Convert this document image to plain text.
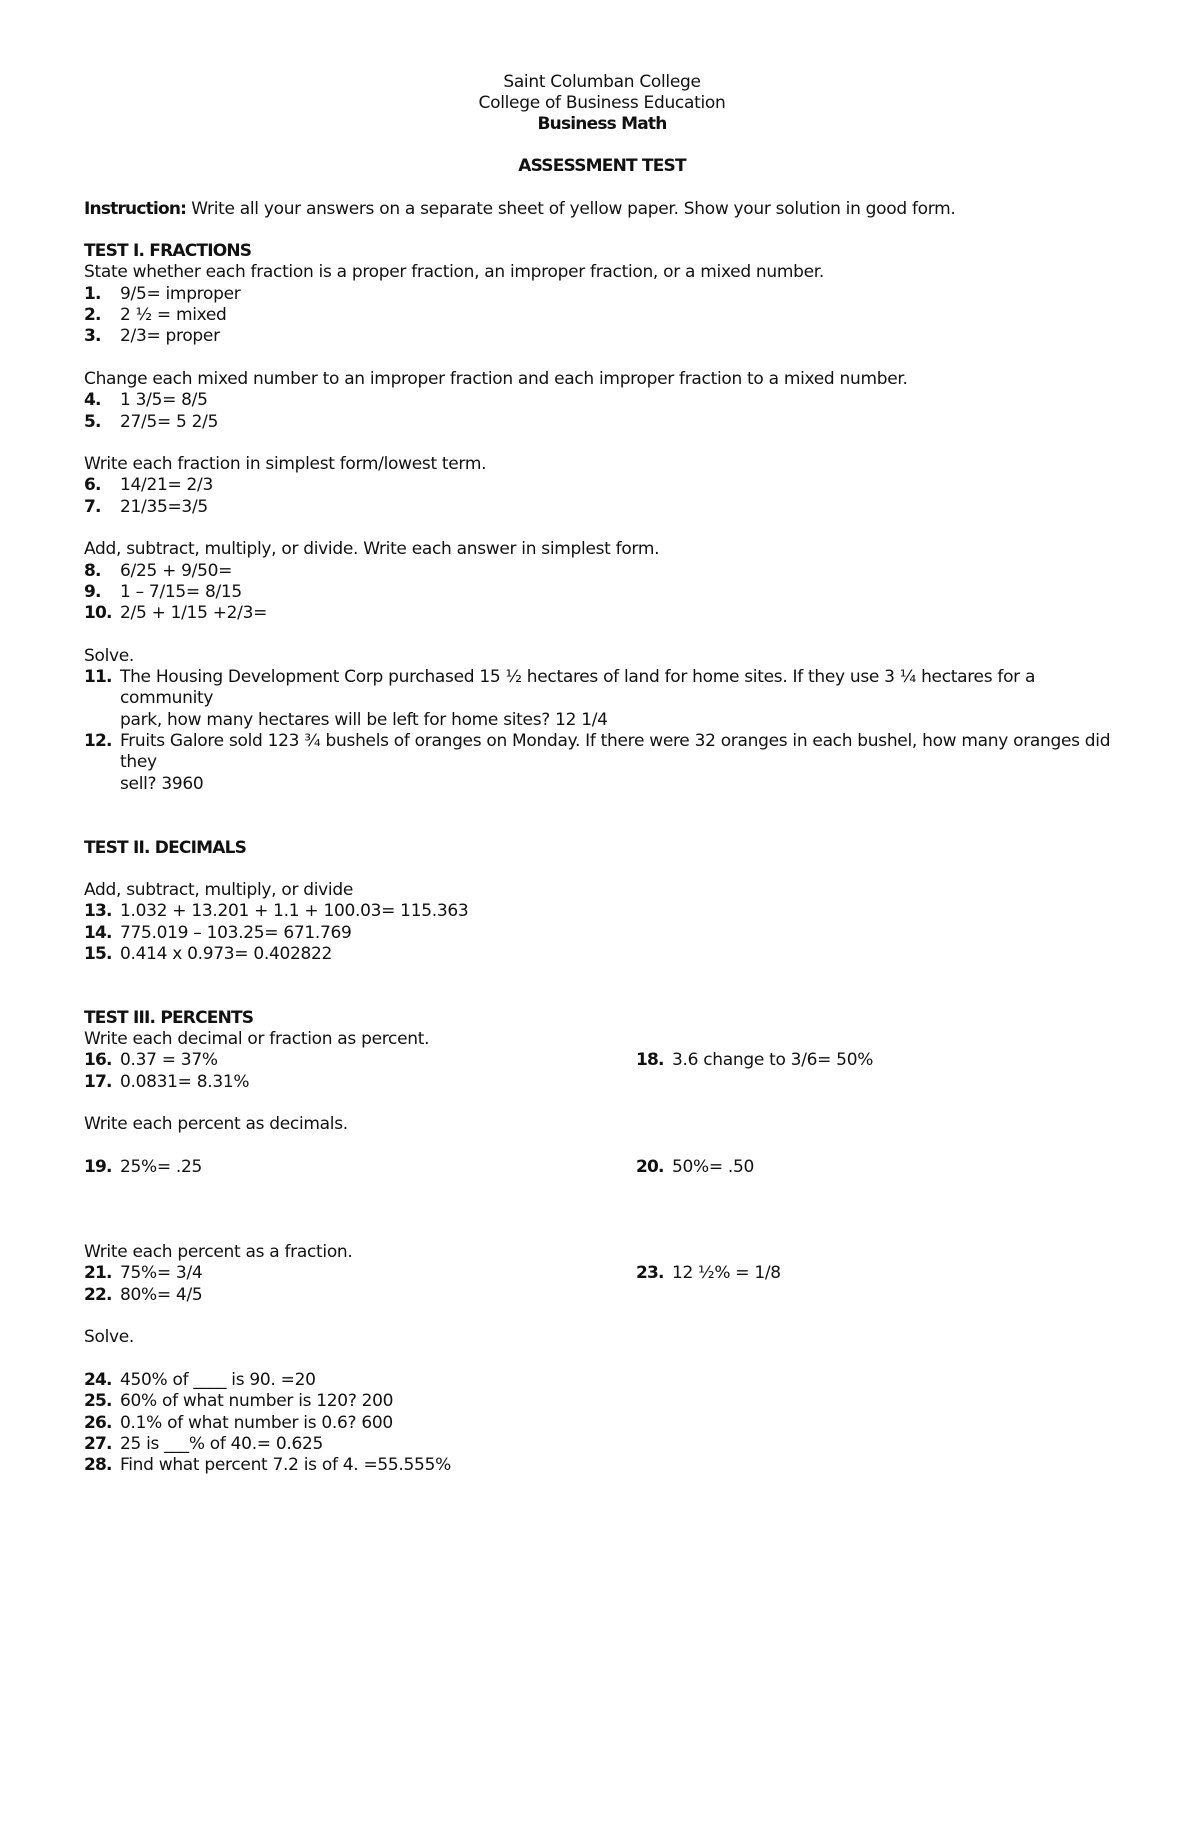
Saint Columban College
College of Business Education
Business Math
ASSESSMENT TEST
Instruction: Write all your answers on a separate sheet of yellow paper. Show your solution in good form.
TEST I. FRACTIONS
State whether each fraction is a proper fraction, an improper fraction, or a mixed number.
1.	9/5= improper
2.	2 ½ = mixed
3.	2/3= proper
Change each mixed number to an improper fraction and each improper fraction to a mixed number.
4.	1 3/5= 8/5
5.	27/5= 5 2/5
Write each fraction in simplest form/lowest term.
6.	14/21= 2/3
7.	21/35=3/5
Add, subtract, multiply, or divide. Write each answer in simplest form.
8.	6/25 + 9/50=
9.	1 – 7/15= 8/15
10. 2/5 + 1/15 +2/3=
Solve.
11. The Housing Development Corp purchased 15 ½ hectares of land for home sites. If they use 3 ¼ hectares for a community
park, how many hectares will be left for home sites? 12 1/4
12. Fruits Galore sold 123 ¾ bushels of oranges on Monday. If there were 32 oranges in each bushel, how many oranges did they
sell? 3960
TEST II. DECIMALS
Add, subtract, multiply, or divide
13. 1.032 + 13.201 + 1.1 + 100.03= 115.363
14. 775.019 – 103.25= 671.769
15. 0.414 x 0.973= 0.402822
TEST III. PERCENTS
Write each decimal or fraction as percent.
16. 0.37 = 37%
17. 0.0831= 8.31%
18. 3.6 change to 3/6= 50%
Write each percent as decimals.
19. 25%= .25	20. 50%= .50
Write each percent as a fraction.
21. 75%= 3/4
22. 80%= 4/5
23. 12 ½% = 1/8
Solve.
24. 450% of ____ is 90. =20
25. 60% of what number is 120? 200
26. 0.1% of what number is 0.6? 600
27. 25 is ___% of 40.= 0.625
28. Find what percent 7.2 is of 4. =55.555%
